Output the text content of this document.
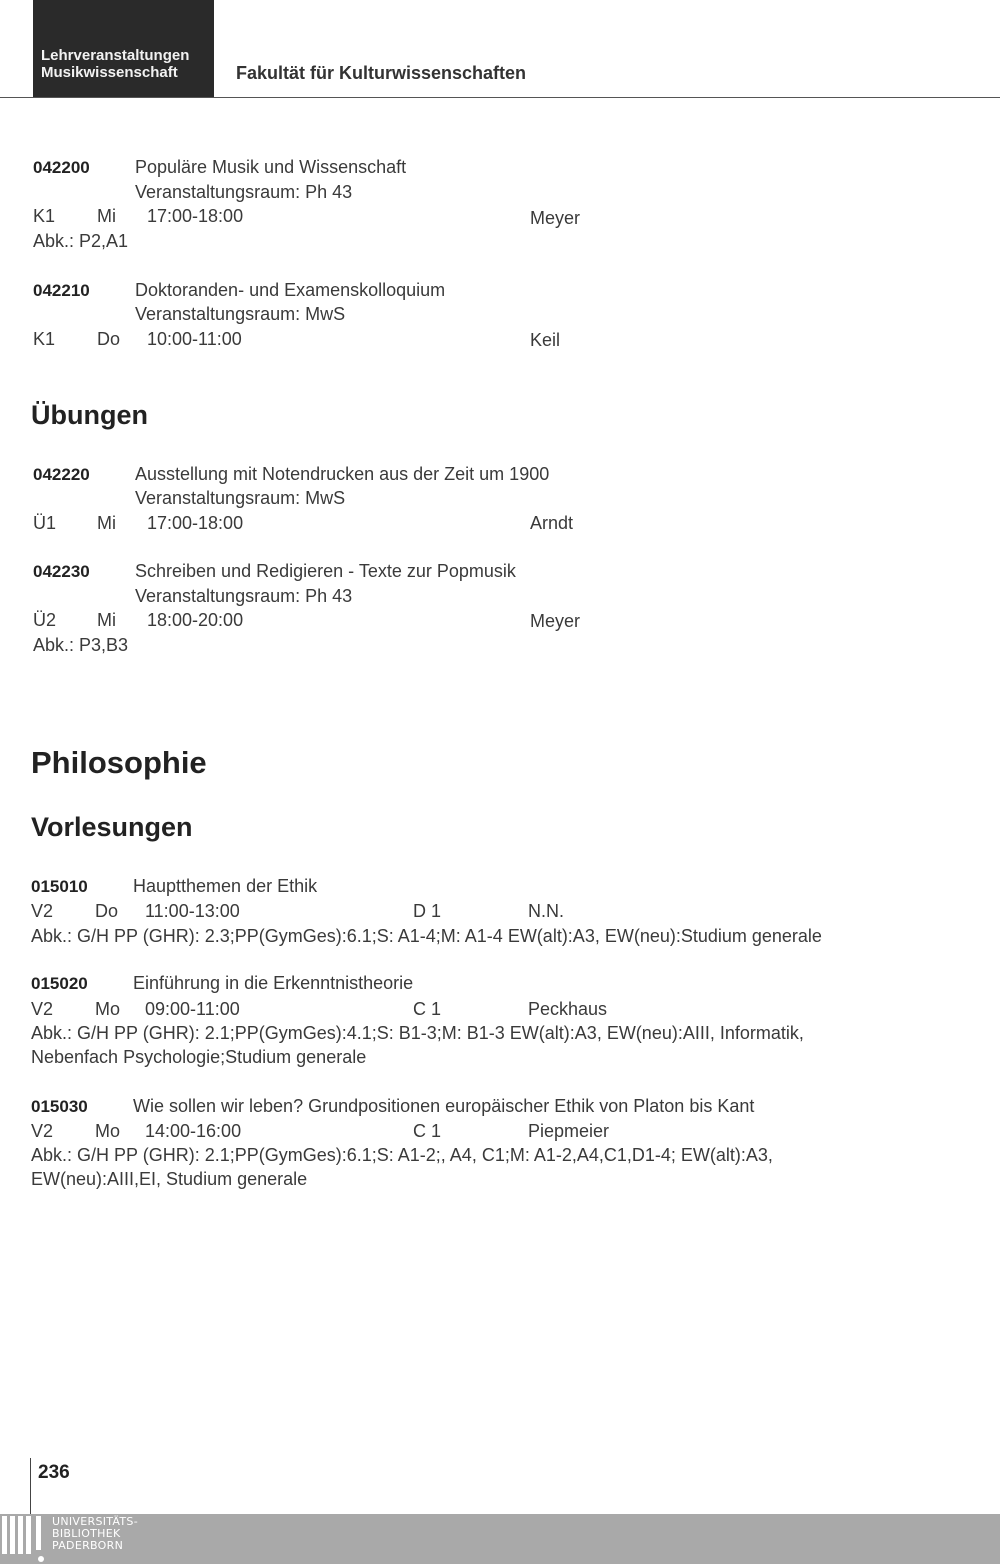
Lehrveranstaltungen
Musikwissenschaft	Fakultät für Kulturwissenschaften
042200	Populäre Musik und Wissenschaft
Veranstaltungsraum: Ph 43
K1 Mi 17:00-18:00	Meyer
Abk.: P2,A1
042210	Doktoranden- und Examenskolloquium
Veranstaltungsraum: MwS
K1 Do 10:00-11:00	Keil
Übungen
042220	Ausstellung mit Notendrucken aus der Zeit um 1900
Veranstaltungsraum: MwS
Ü1 Mi 17:00-18:00	Arndt
042230	Schreiben und Redigieren - Texte zur Popmusik
Veranstaltungsraum: Ph 43
Ü2 Mi 18:00-20:00	Meyer
Abk.: P3,B3
Philosophie
Vorlesungen
015010	Hauptthemen der Ethik
V2 Do 11:00-13:00	D 1	N.N.
Abk.: G/H PP (GHR): 2.3;PP(GymGes):6.1;S: A1-4;M: A1-4 EW(alt):A3, EW(neu):Studium generale
015020	Einführung in die Erkenntnistheorie
V2 Mo 09:00-11:00	C 1	Peckhaus
Abk.: G/H PP (GHR): 2.1;PP(GymGes):4.1;S: B1-3;M: B1-3 EW(alt):A3, EW(neu):AIII, Informatik,
Nebenfach Psychologie;Studium generale
015030	Wie sollen wir leben? Grundpositionen europäischer Ethik von Platon bis Kant
V2 Mo 14:00-16:00	C 1	Piepmeier
Abk.: G/H PP (GHR): 2.1;PP(GymGes):6.1;S: A1-2;, A4, C1;M: A1-2,A4,C1,D1-4; EW(alt):A3,
EW(neu):AIII,EI, Studium generale
236
UNIVERSITÄTS-
BIBLIOTHEK
PADERBORN
